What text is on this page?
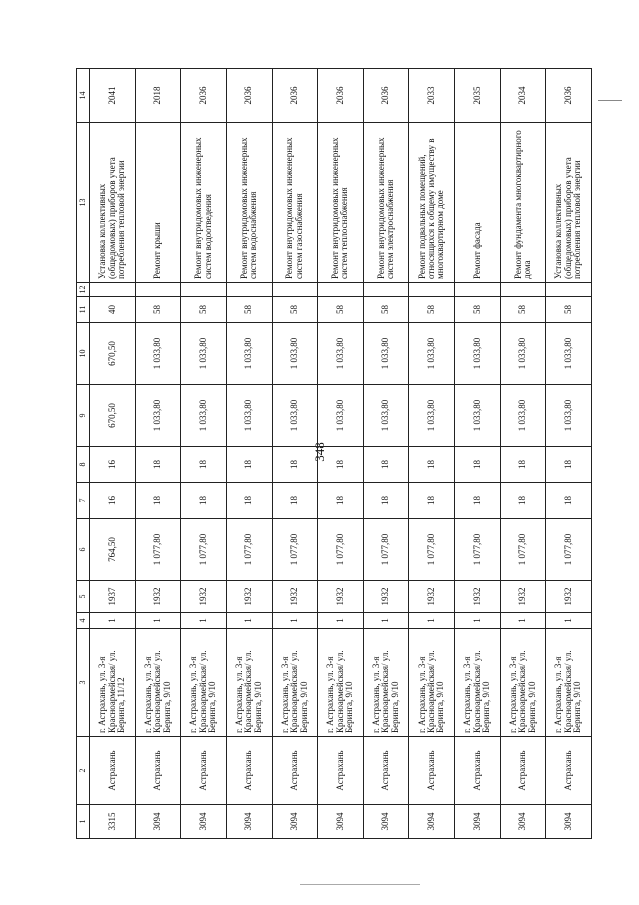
348
1	2	3	4	5	6	7	8	9	10	11	12	13	14
3315	Астрахань	г. Астрахань, ул. 3-я Красноармейская/ ул. Беринга, 11/12	1	1937	764,50	16	16	670,50	670,50	40		Установка коллективных (общедомовых) приборов учета потребления тепловой энергии	2041
3094	Астрахань	г. Астрахань, ул. 3-я Красноармейская/ ул. Беринга, 9/10	1	1932	1 077,80	18	18	1 033,80	1 033,80	58		Ремонт крыши	2018
3094	Астрахань	г. Астрахань, ул. 3-я Красноармейская/ ул. Беринга, 9/10	1	1932	1 077,80	18	18	1 033,80	1 033,80	58		Ремонт внутридомовых инженерных систем водоотведения	2036
3094	Астрахань	г. Астрахань, ул. 3-я Красноармейская/ ул. Беринга, 9/10	1	1932	1 077,80	18	18	1 033,80	1 033,80	58		Ремонт внутридомовых инженерных систем водоснабжения	2036
3094	Астрахань	г. Астрахань, ул. 3-я Красноармейская/ ул. Беринга, 9/10	1	1932	1 077,80	18	18	1 033,80	1 033,80	58		Ремонт внутридомовых инженерных систем газоснабжения	2036
3094	Астрахань	г. Астрахань, ул. 3-я Красноармейская/ ул. Беринга, 9/10	1	1932	1 077,80	18	18	1 033,80	1 033,80	58		Ремонт внутридомовых инженерных систем теплоснабжения	2036
3094	Астрахань	г. Астрахань, ул. 3-я Красноармейская/ ул. Беринга, 9/10	1	1932	1 077,80	18	18	1 033,80	1 033,80	58		Ремонт внутридомовых инженерных систем электроснабжения	2036
3094	Астрахань	г. Астрахань, ул. 3-я Красноармейская/ ул. Беринга, 9/10	1	1932	1 077,80	18	18	1 033,80	1 033,80	58		Ремонт подвальных помещений, относящихся к общему имуществу в многоквартирном доме	2033
3094	Астрахань	г. Астрахань, ул. 3-я Красноармейская/ ул. Беринга, 9/10	1	1932	1 077,80	18	18	1 033,80	1 033,80	58		Ремонт фасада	2035
3094	Астрахань	г. Астрахань, ул. 3-я Красноармейская/ ул. Беринга, 9/10	1	1932	1 077,80	18	18	1 033,80	1 033,80	58		Ремонт фундамента многоквартирного дома	2034
3094	Астрахань	г. Астрахань, ул. 3-я Красноармейская/ ул. Беринга, 9/10	1	1932	1 077,80	18	18	1 033,80	1 033,80	58		Установка коллективных (общедомовых) приборов учета потребления тепловой энергии	2036
